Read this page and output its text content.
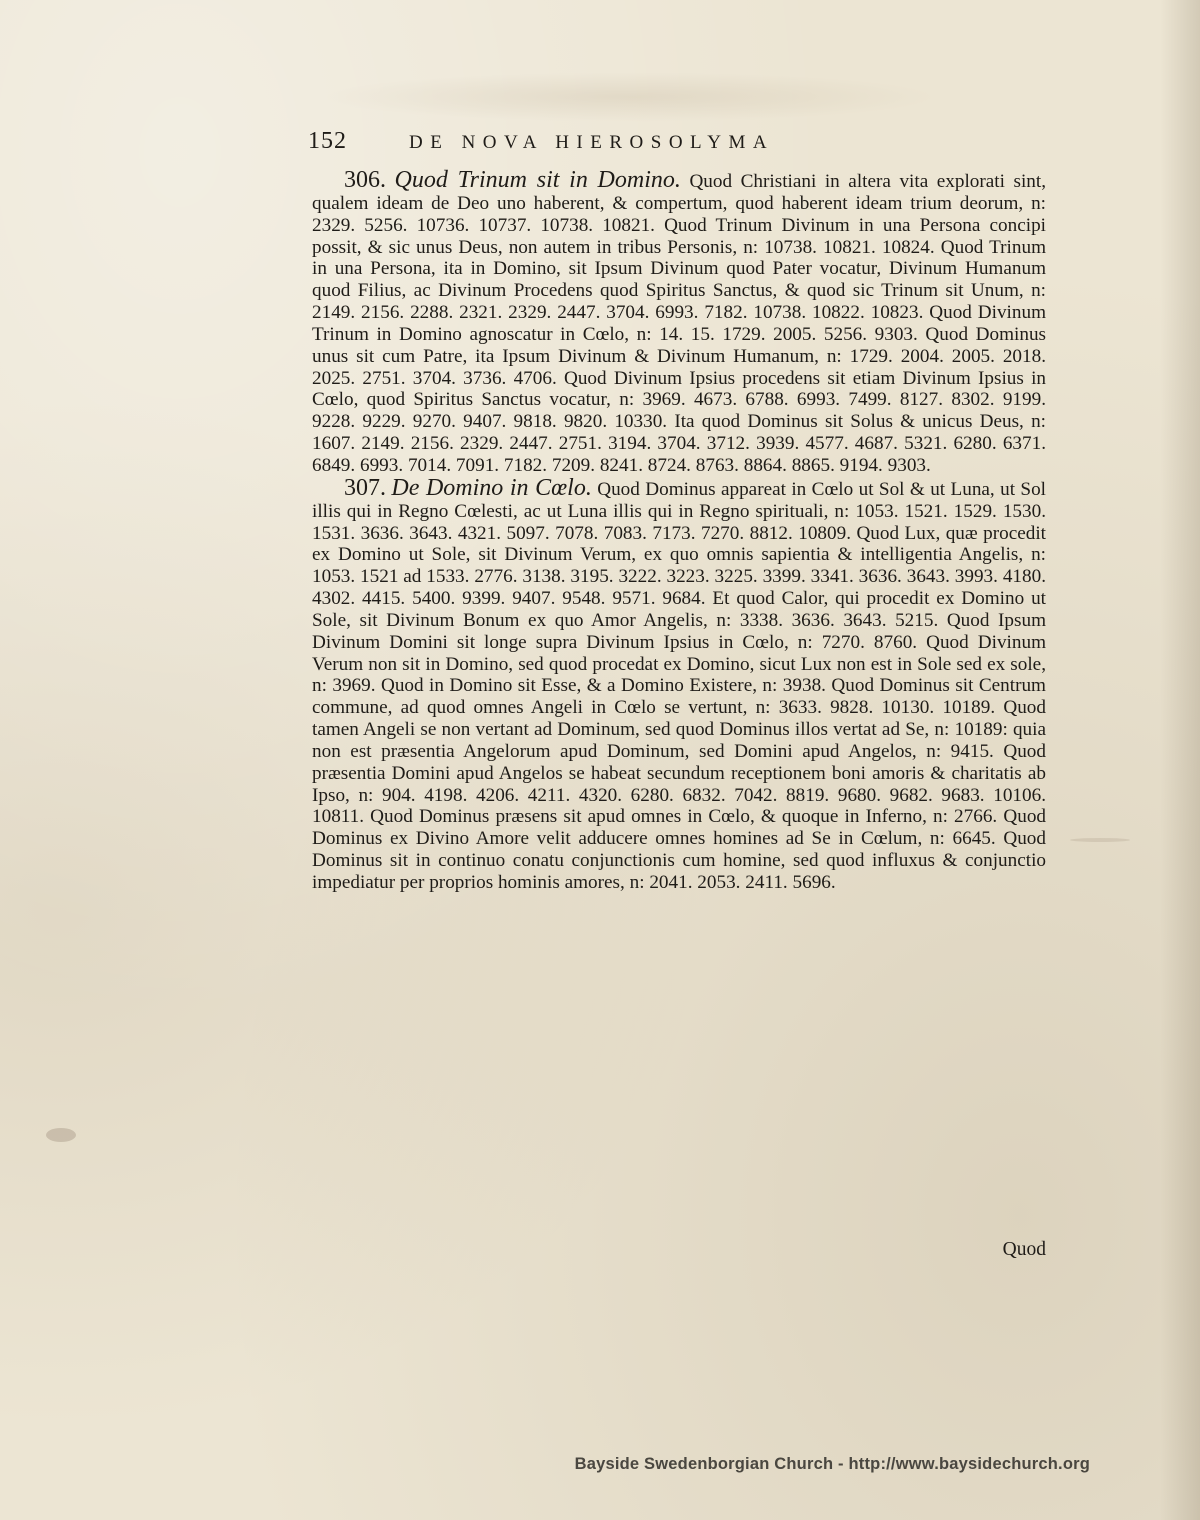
152	DE NOVA HIEROSOLYMA

306. Quod Trinum sit in Domino. Quod Christiani in altera vita explorati sint, qualem ideam de Deo uno haberent, & compertum, quod haberent ideam trium deorum, n: 2329. 5256. 10736. 10737. 10738. 10821. Quod Trinum Divinum in una Persona concipi possit, & sic unus Deus, non autem in tribus Personis, n: 10738. 10821. 10824. Quod Trinum in una Persona, ita in Domino, sit Ipsum Divinum quod Pater vocatur, Divinum Humanum quod Filius, ac Divinum Procedens quod Spiritus Sanctus, & quod sic Trinum sit Unum, n: 2149. 2156. 2288. 2321. 2329. 2447. 3704. 6993. 7182. 10738. 10822. 10823. Quod Divinum Trinum in Domino agnoscatur in Cœlo, n: 14. 15. 1729. 2005. 5256. 9303. Quod Dominus unus sit cum Patre, ita Ipsum Divinum & Divinum Humanum, n: 1729. 2004. 2005. 2018. 2025. 2751. 3704. 3736. 4706. Quod Divinum Ipsius procedens sit etiam Divinum Ipsius in Cœlo, quod Spiritus Sanctus vocatur, n: 3969. 4673. 6788. 6993. 7499. 8127. 8302. 9199. 9228. 9229. 9270. 9407. 9818. 9820. 10330. Ita quod Dominus sit Solus & unicus Deus, n: 1607. 2149. 2156. 2329. 2447. 2751. 3194. 3704. 3712. 3939. 4577. 4687. 5321. 6280. 6371. 6849. 6993. 7014. 7091. 7182. 7209. 8241. 8724. 8763. 8864. 8865. 9194. 9303.

307. De Domino in Cœlo. Quod Dominus appareat in Cœlo ut Sol & ut Luna, ut Sol illis qui in Regno Cœlesti, ac ut Luna illis qui in Regno spirituali, n: 1053. 1521. 1529. 1530. 1531. 3636. 3643. 4321. 5097. 7078. 7083. 7173. 7270. 8812. 10809. Quod Lux, quæ procedit ex Domino ut Sole, sit Divinum Verum, ex quo omnis sapientia & intelligentia Angelis, n: 1053. 1521 ad 1533. 2776. 3138. 3195. 3222. 3223. 3225. 3399. 3341. 3636. 3643. 3993. 4180. 4302. 4415. 5400. 9399. 9407. 9548. 9571. 9684. Et quod Calor, qui procedit ex Domino ut Sole, sit Divinum Bonum ex quo Amor Angelis, n: 3338. 3636. 3643. 5215. Quod Ipsum Divinum Domini sit longe supra Divinum Ipsius in Cœlo, n: 7270. 8760. Quod Divinum Verum non sit in Domino, sed quod procedat ex Domino, sicut Lux non est in Sole sed ex sole, n: 3969. Quod in Domino sit Esse, & a Domino Existere, n: 3938. Quod Dominus sit Centrum commune, ad quod omnes Angeli in Cœlo se vertunt, n: 3633. 9828. 10130. 10189. Quod tamen Angeli se non vertant ad Dominum, sed quod Dominus illos vertat ad Se, n: 10189: quia non est præsentia Angelorum apud Dominum, sed Domini apud Angelos, n: 9415. Quod præsentia Domini apud Angelos se habeat secundum receptionem boni amoris & charitatis ab Ipso, n: 904. 4198. 4206. 4211. 4320. 6280. 6832. 7042. 8819. 9680. 9682. 9683. 10106. 10811. Quod Dominus præsens sit apud omnes in Cœlo, & quoque in Inferno, n: 2766. Quod Dominus ex Divino Amore velit adducere omnes homines ad Se in Cœlum, n: 6645. Quod Dominus sit in continuo conatu conjunctionis cum homine, sed quod influxus & conjunctio impediatur per proprios hominis amores, n: 2041. 2053. 2411. 5696.

Quod
Bayside Swedenborgian Church - http://www.baysidechurch.org
